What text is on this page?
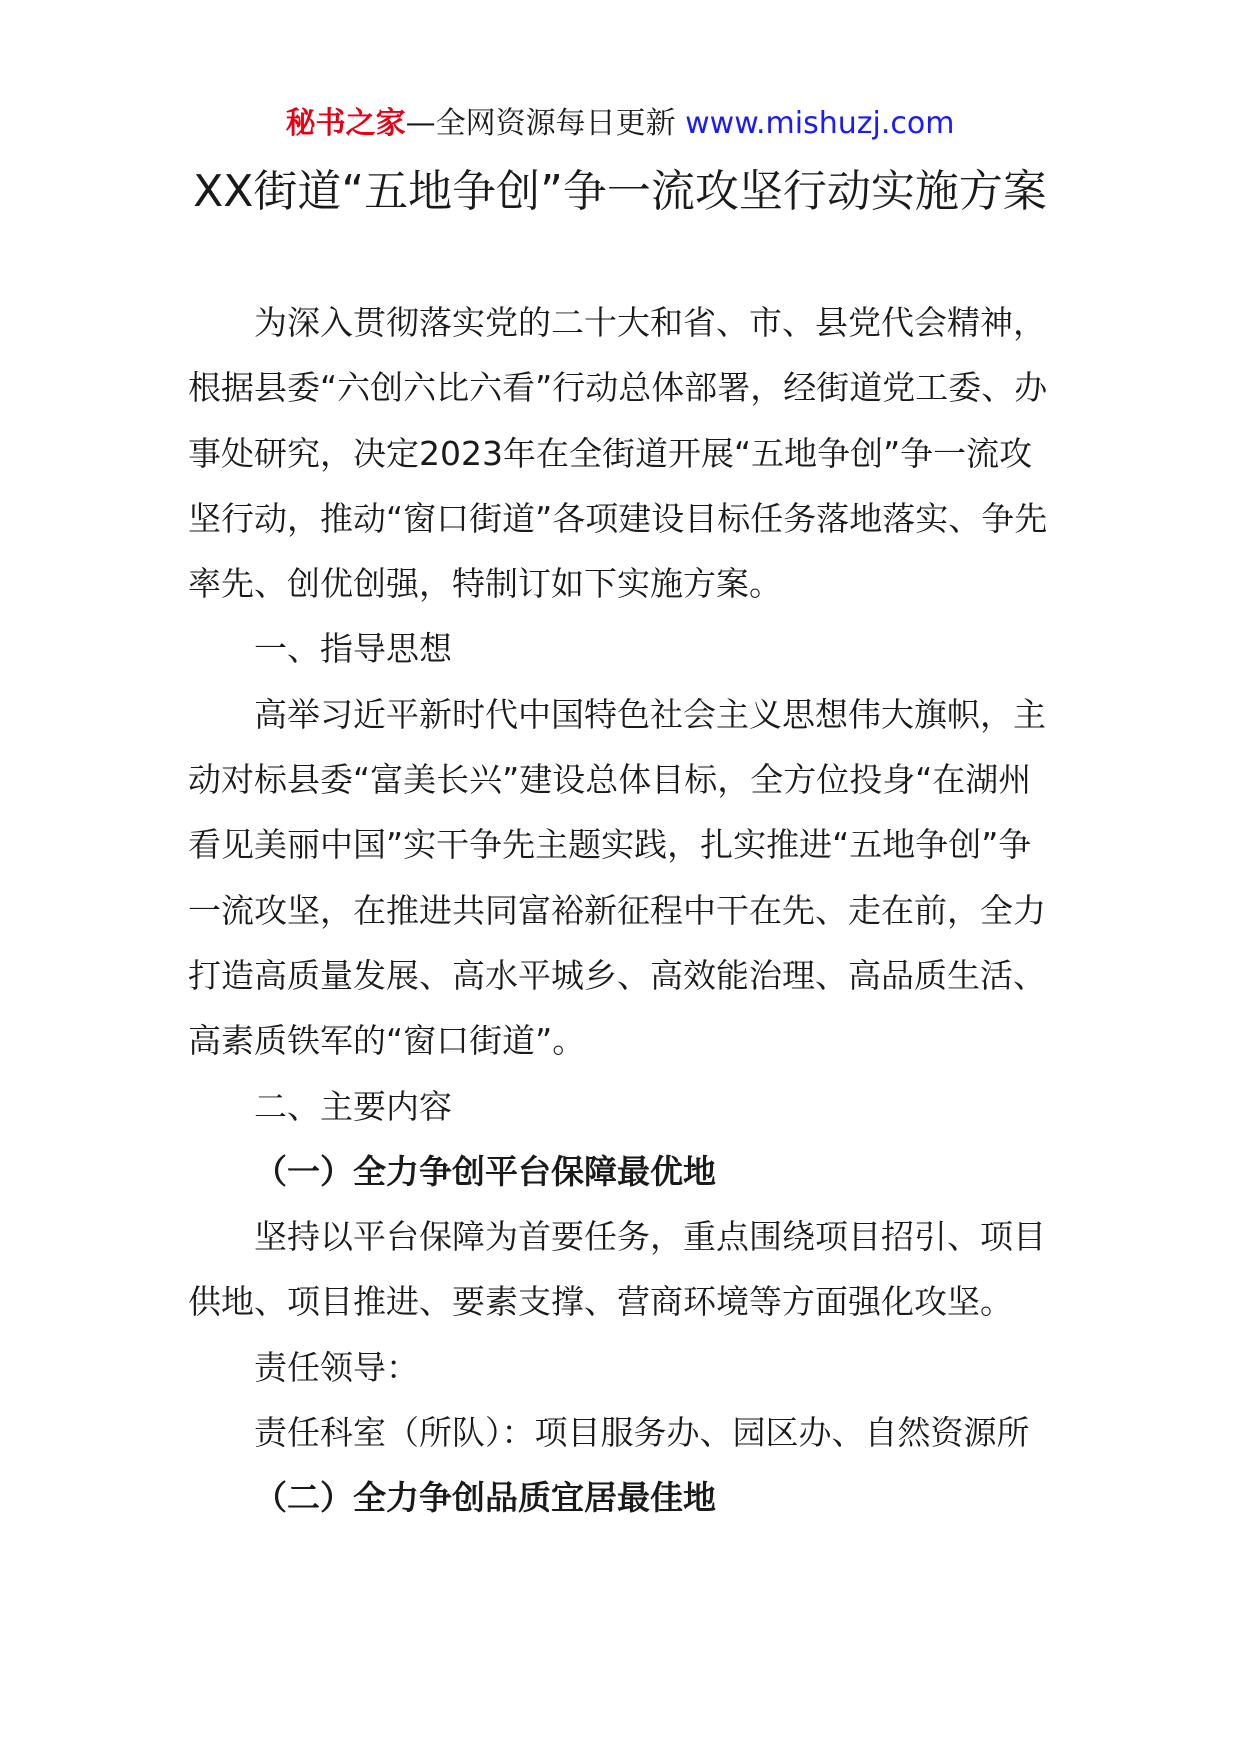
秘书之家—全网资源每日更新 www.mishuzj.com
XX街道“五地争创”争一流攻坚行动实施方案

为深入贯彻落实党的二十大和省、市、县党代会精神，根据县委“六创六比六看”行动总体部署，经街道党工委、办事处研究，决定2023年在全街道开展“五地争创”争一流攻坚行动，推动“窗口街道”各项建设目标任务落地落实、争先率先、创优创强，特制订如下实施方案。

一、指导思想

高举习近平新时代中国特色社会主义思想伟大旗帜，主动对标县委“富美长兴”建设总体目标，全方位投身“在湖州看见美丽中国”实干争先主题实践，扎实推进“五地争创”争一流攻坚，在推进共同富裕新征程中干在先、走在前，全力打造高质量发展、高水平城乡、高效能治理、高品质生活、高素质铁军的“窗口街道”。

二、主要内容

（一）全力争创平台保障最优地

坚持以平台保障为首要任务，重点围绕项目招引、项目供地、项目推进、要素支撑、营商环境等方面强化攻坚。

责任领导：

责任科室（所队）：项目服务办、园区办、自然资源所

（二）全力争创品质宜居最佳地
